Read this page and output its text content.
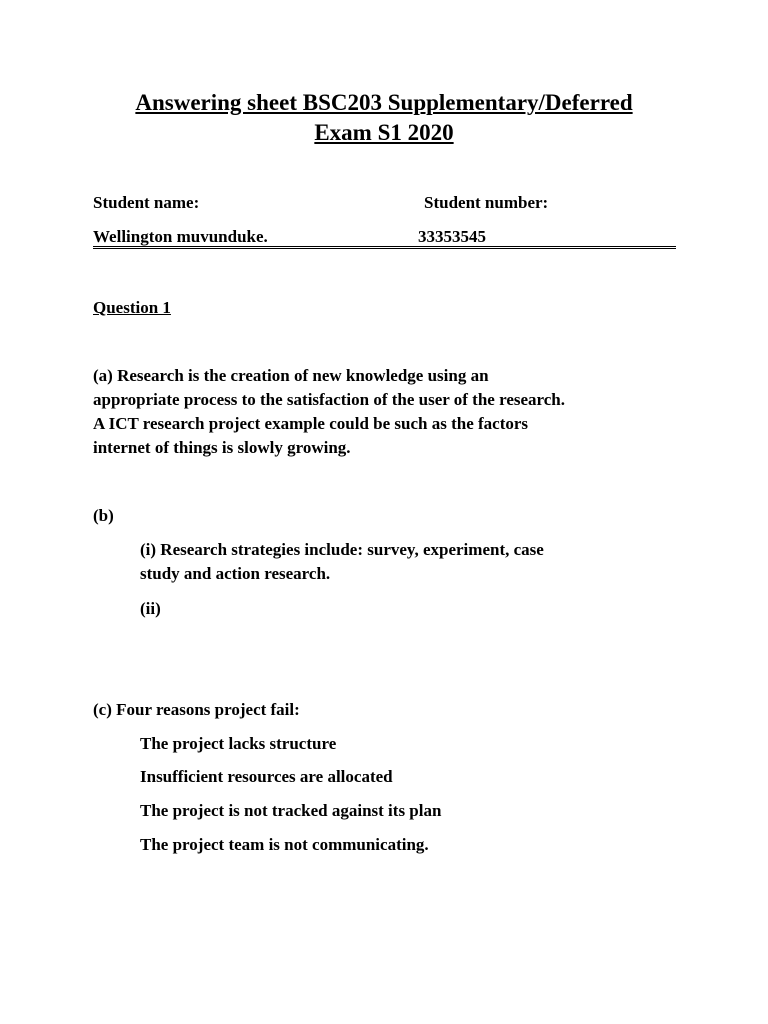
Answering sheet BSC203 Supplementary/Deferred
Exam S1 2020
Student name:	Student number:
Wellington muvunduke.	33353545
Question 1
(a) Research is the creation of new knowledge using an
appropriate process to the satisfaction of the user of the research.
A ICT research project example could be such as the factors
internet of things is slowly growing.
(b)
(i) Research strategies include: survey, experiment, case
study and action research.
(ii)
(c) Four reasons project fail:
The project lacks structure
Insufficient resources are allocated
The project is not tracked against its plan
The project team is not communicating.
